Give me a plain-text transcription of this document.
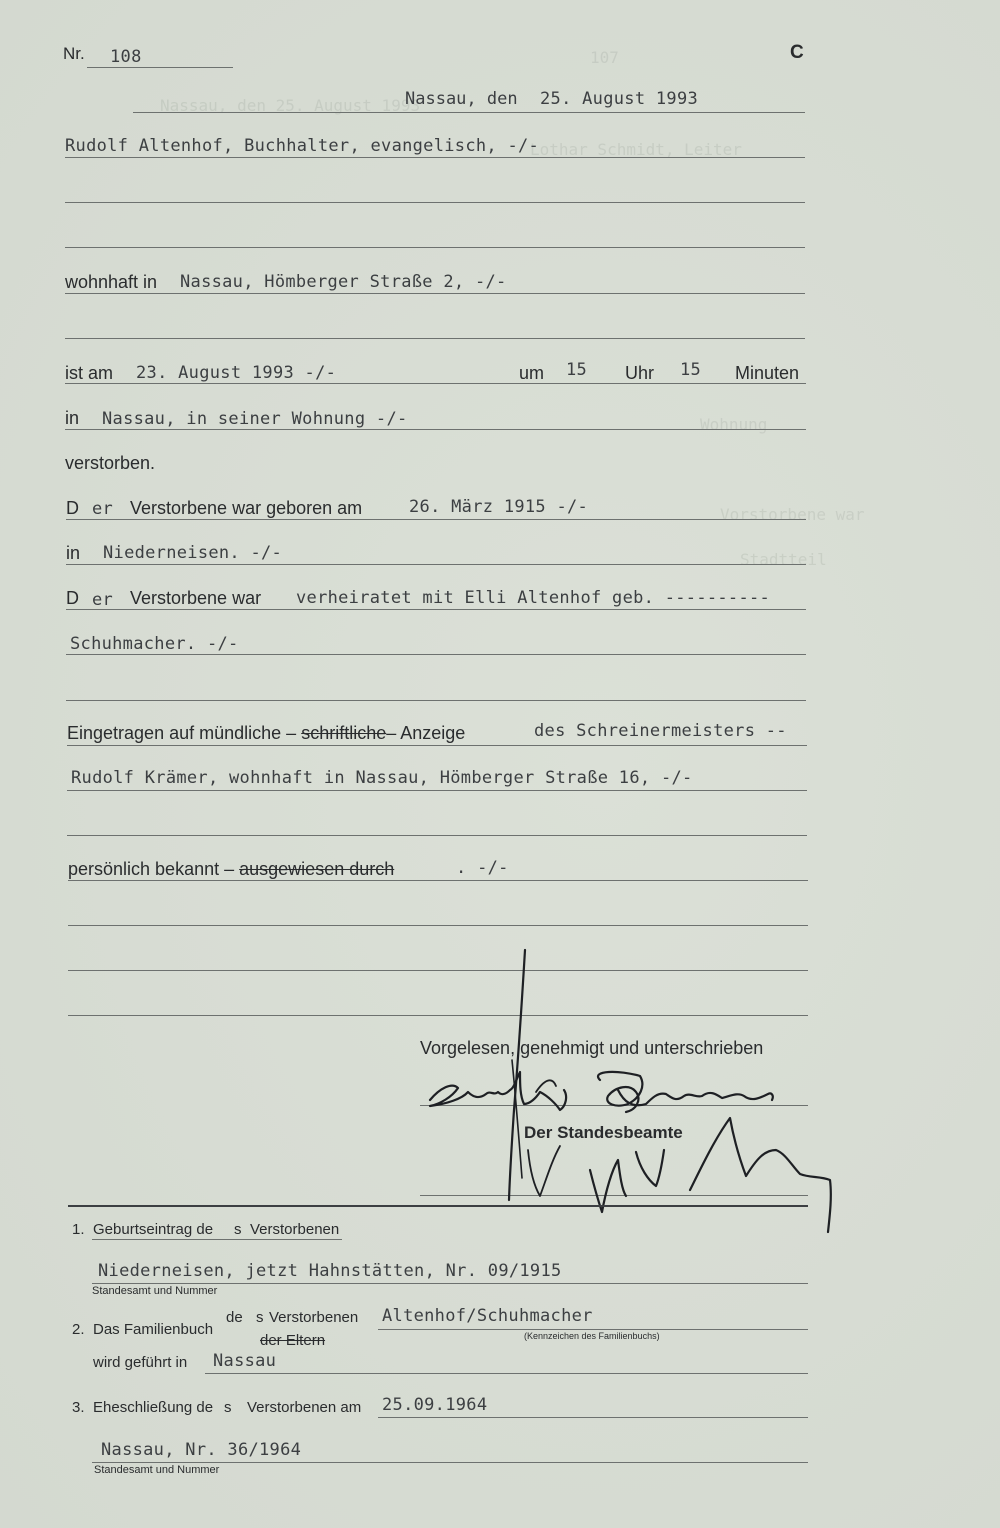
107
Nassau, den 25. August 1993
Lothar Schmidt, Leiter
Wohnung
Vorstorbene war
Stadtteil
Nr. 108	C
Nassau, den 25. August 1993
Rudolf Altenhof, Buchhalter, evangelisch, -/-
wohnhaft in Nassau, Hömberger Straße 2, -/-
ist am 23. August 1993 -/-	um 15 Uhr 15 Minuten
in Nassau, in seiner Wohnung -/-
verstorben.
D er Verstorbene war geboren am	26. März 1915 -/-
in Niederneisen. -/-
D er Verstorbene war verheiratet mit Elli Altenhof geb. ----------
Schuhmacher. -/-
Eingetragen auf mündliche – schriftliche– Anzeige	des Schreinermeisters --
Rudolf Krämer, wohnhaft in Nassau, Hömberger Straße 16, -/-
persönlich bekannt – ausgewiesen durch	. -/-
Vorgelesen, genehmigt und unterschrieben
Der Standesbeamte
1. Geburtseintrag de s Verstorbenen
Niederneisen, jetzt Hahnstätten, Nr. 09/1915
Standesamt und Nummer
2. Das Familienbuch
de s Verstorbenen
der Eltern
Altenhof/Schuhmacher
(Kennzeichen des Familienbuchs)
wird geführt in Nassau
3. Eheschließung de s Verstorbenen am 25.09.1964
Nassau, Nr. 36/1964
Standesamt und Nummer
